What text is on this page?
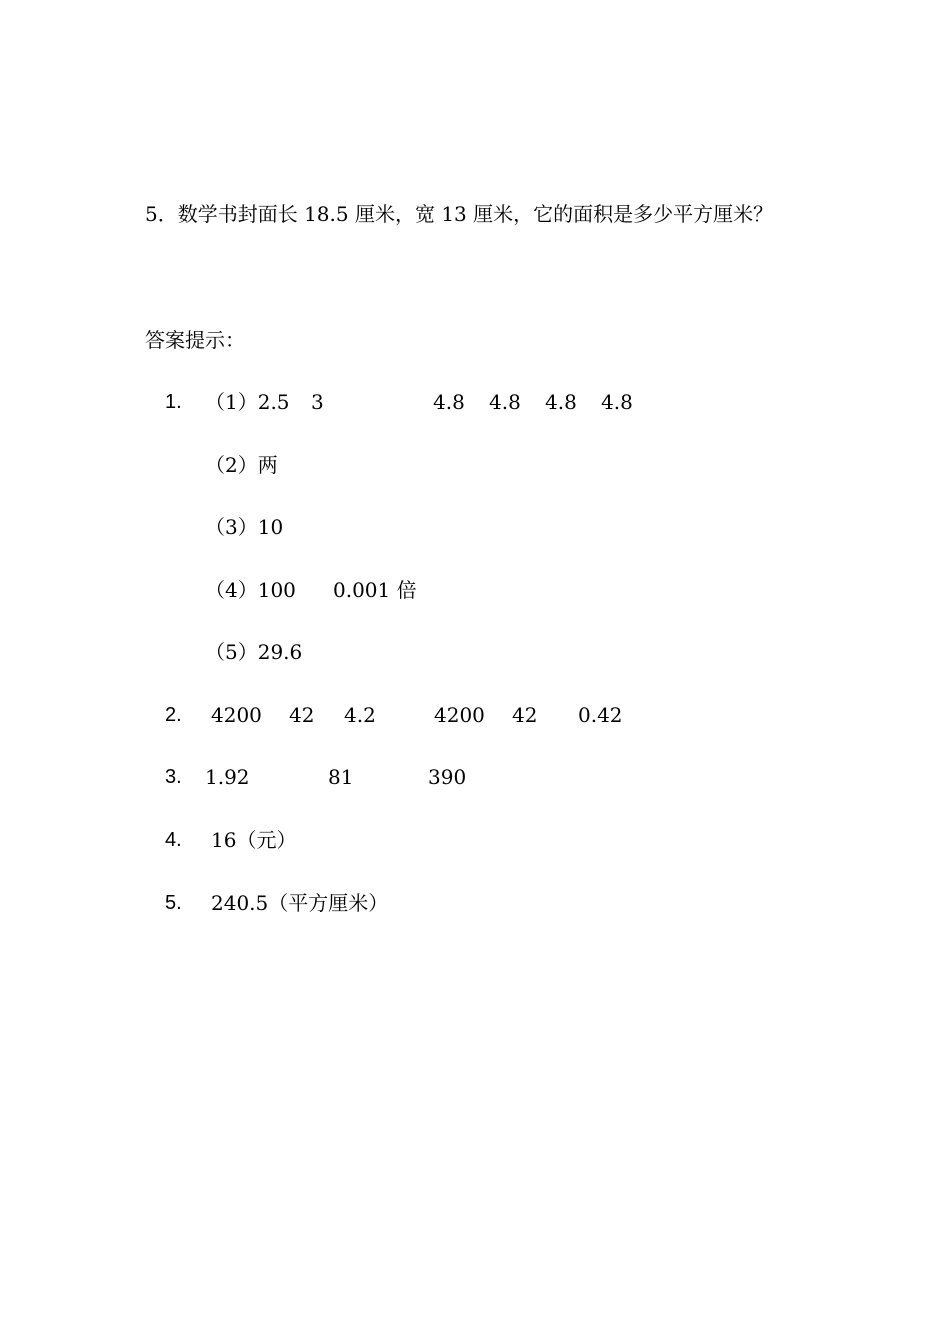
5．数学书封面长 18.5 厘米，宽 13 厘米，它的面积是多少平方厘米？
答案提示：
1. （1）2.5 3	4.8 4.8 4.8 4.8
（2）两
（3）10
（4）100 0.001 倍
（5）29.6
2. 4200 42 4.2	4200 42 0.42
3. 1.92	81	390
4. 16（元）
5. 240.5（平方厘米）
